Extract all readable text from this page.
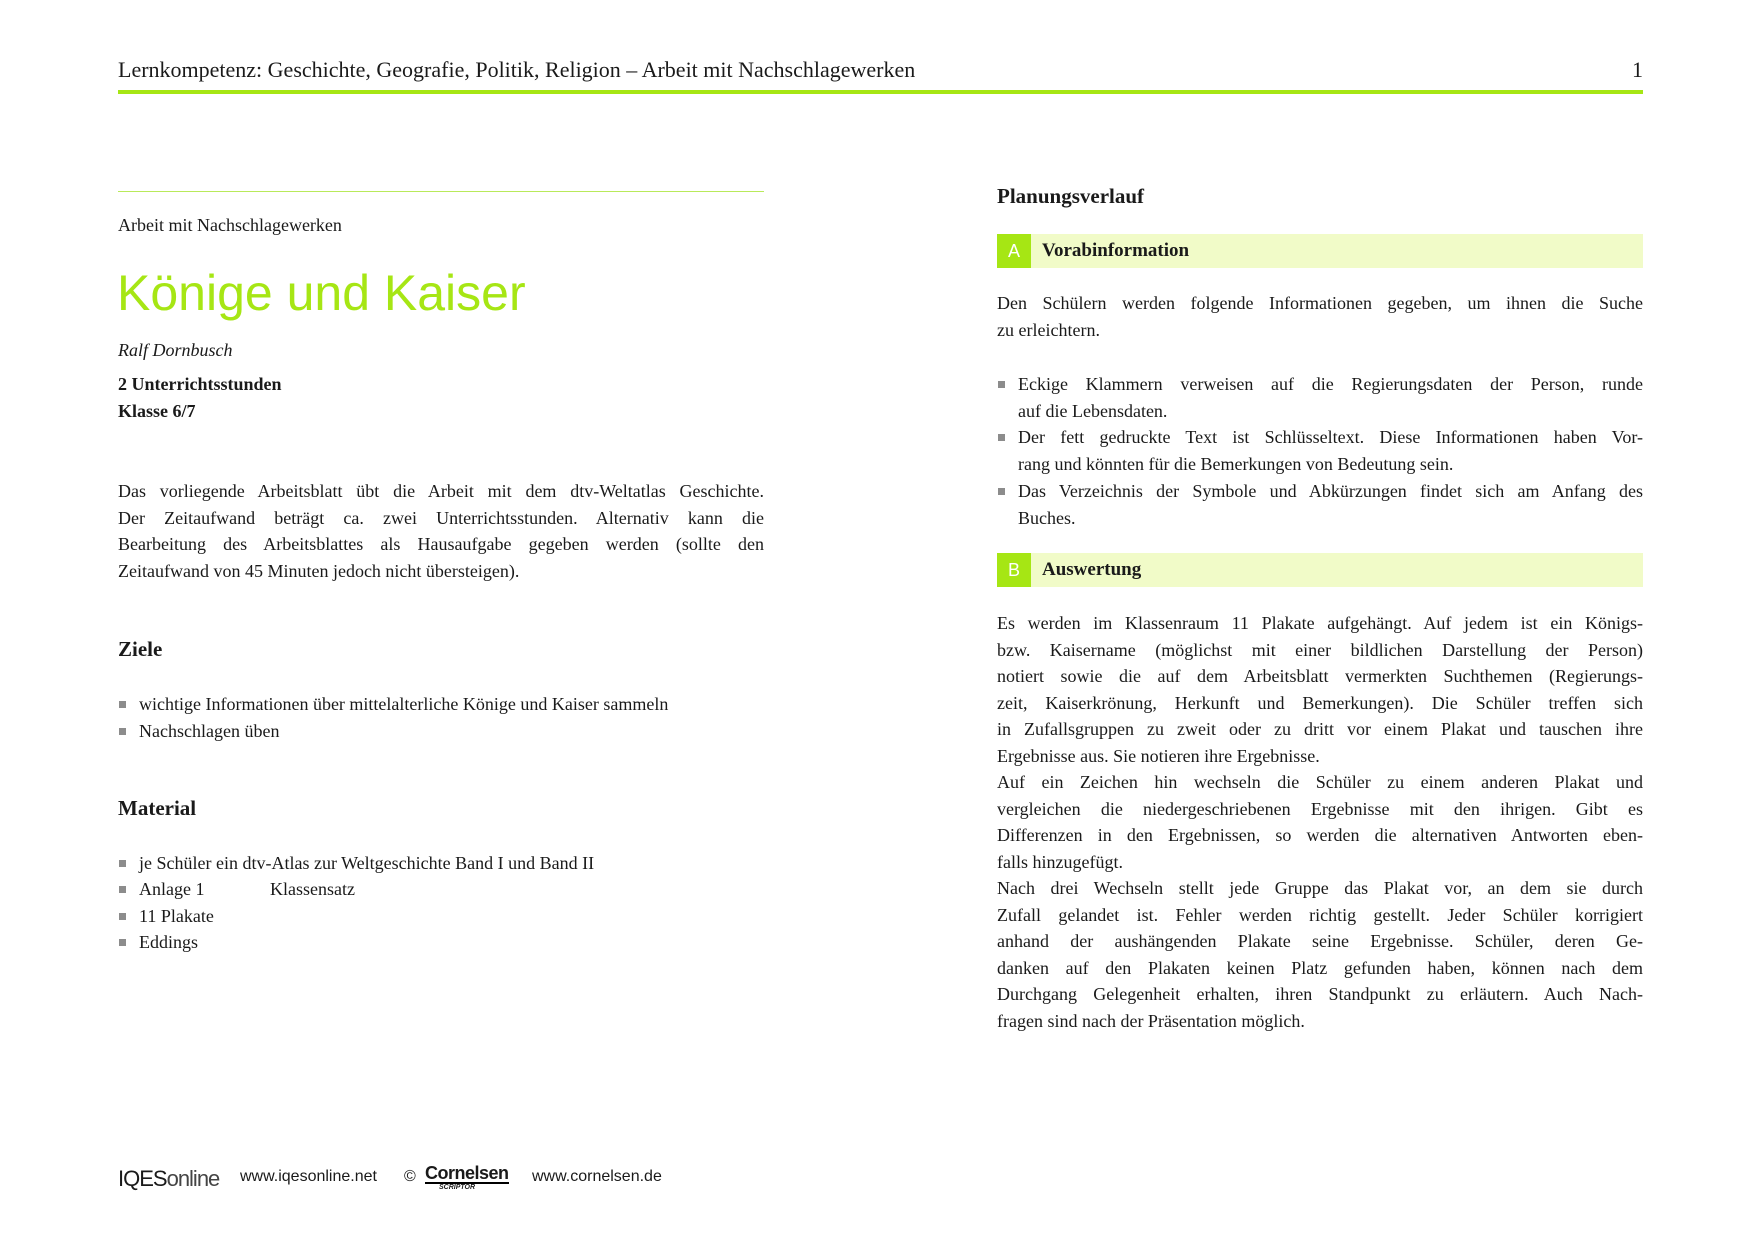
Lernkompetenz: Geschichte, Geografie, Politik, Religion – Arbeit mit Nachschlagewerken	1
Arbeit mit Nachschlagewerken
Könige und Kaiser
Ralf Dornbusch
2 Unterrichtsstunden
Klasse 6/7
Das vorliegende Arbeitsblatt übt die Arbeit mit dem dtv-Weltatlas Geschichte.
Der Zeitaufwand beträgt ca. zwei Unterrichtsstunden. Alternativ kann die
Bearbeitung des Arbeitsblattes als Hausaufgabe gegeben werden (sollte den
Zeitaufwand von 45 Minuten jedoch nicht übersteigen).
Ziele
wichtige Informationen über mittelalterliche Könige und Kaiser sammeln
Nachschlagen üben
Material
je Schüler ein dtv-Atlas zur Weltgeschichte Band I und Band II
Anlage 1	Klassensatz
11 Plakate
Eddings
Planungsverlauf
A	Vorabinformation
Den Schülern werden folgende Informationen gegeben, um ihnen die Suche
zu erleichtern.
Eckige Klammern verweisen auf die Regierungsdaten der Person, runde
auf die Lebensdaten.
Der fett gedruckte Text ist Schlüsseltext. Diese Informationen haben Vor-
rang und könnten für die Bemerkungen von Bedeutung sein.
Das Verzeichnis der Symbole und Abkürzungen findet sich am Anfang des
Buches.
B	Auswertung
Es werden im Klassenraum 11 Plakate aufgehängt. Auf jedem ist ein Königs-
bzw. Kaisername (möglichst mit einer bildlichen Darstellung der Person)
notiert sowie die auf dem Arbeitsblatt vermerkten Suchthemen (Regierungs-
zeit, Kaiserkrönung, Herkunft und Bemerkungen). Die Schüler treffen sich
in Zufallsgruppen zu zweit oder zu dritt vor einem Plakat und tauschen ihre
Ergebnisse aus. Sie notieren ihre Ergebnisse.
Auf ein Zeichen hin wechseln die Schüler zu einem anderen Plakat und
vergleichen die niedergeschriebenen Ergebnisse mit den ihrigen. Gibt es
Differenzen in den Ergebnissen, so werden die alternativen Antworten eben-
falls hinzugefügt.
Nach drei Wechseln stellt jede Gruppe das Plakat vor, an dem sie durch
Zufall gelandet ist. Fehler werden richtig gestellt. Jeder Schüler korrigiert
anhand der aushängenden Plakate seine Ergebnisse. Schüler, deren Ge-
danken auf den Plakaten keinen Platz gefunden haben, können nach dem
Durchgang Gelegenheit erhalten, ihren Standpunkt zu erläutern. Auch Nach-
fragen sind nach der Präsentation möglich.
IQESonline www.iqesonline.net © Cornelsen
SCRIPTOR
www.cornelsen.de
